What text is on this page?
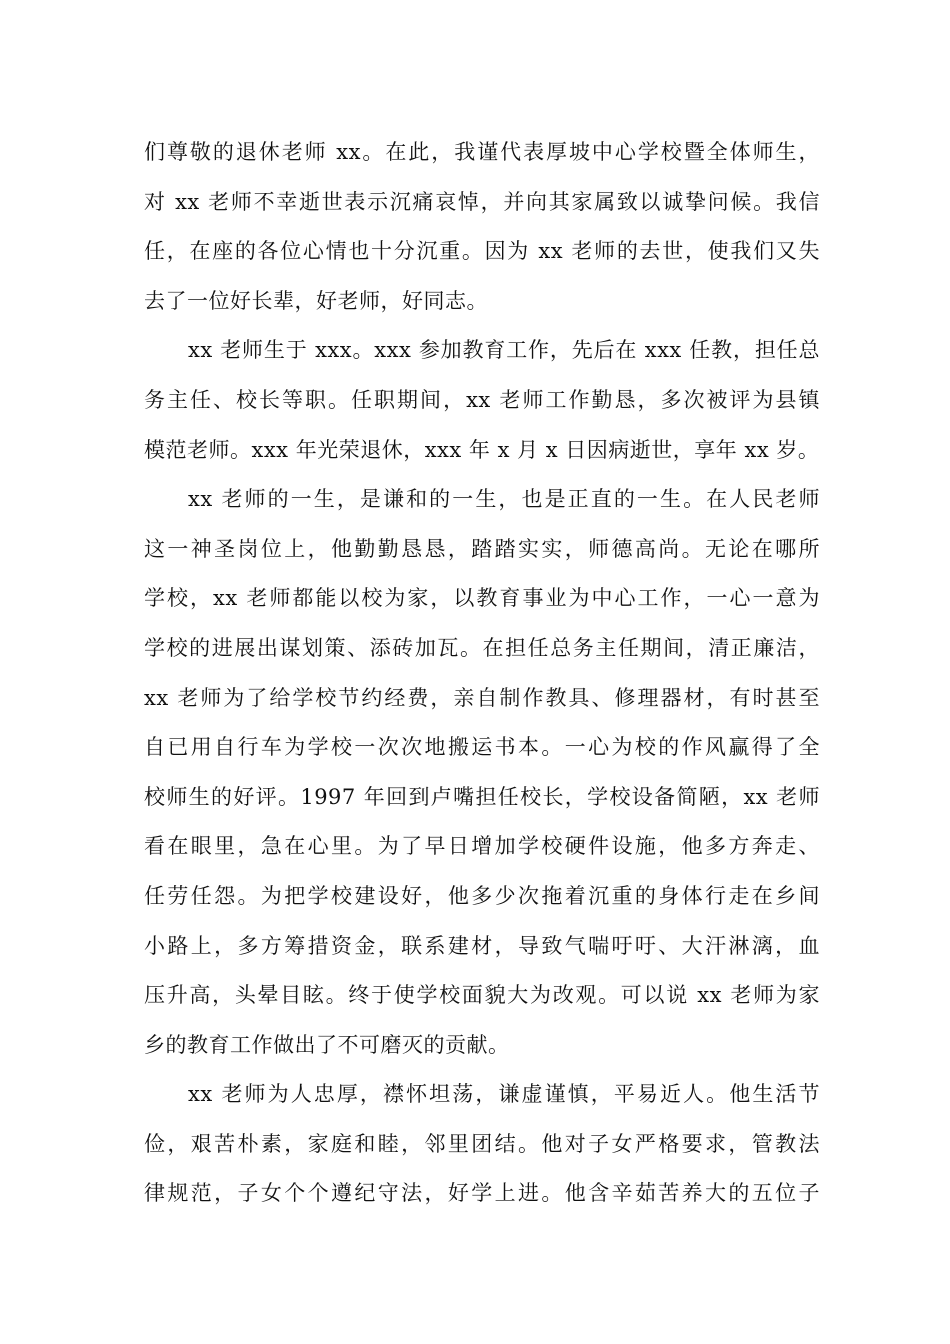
们尊敬的退休老师 xx。在此，我谨代表厚坡中心学校暨全体师生，
对 xx 老师不幸逝世表示沉痛哀悼，并向其家属致以诚挚问候。我信
任，在座的各位心情也十分沉重。因为 xx 老师的去世，使我们又失
去了一位好长辈，好老师，好同志。

xx 老师生于 xxx。xxx 参加教育工作，先后在 xxx 任教，担任总
务主任、校长等职。任职期间，xx 老师工作勤恳，多次被评为县镇
模范老师。xxx 年光荣退休，xxx 年 x 月 x 日因病逝世，享年 xx 岁。

xx 老师的一生，是谦和的一生，也是正直的一生。在人民老师
这一神圣岗位上，他勤勤恳恳，踏踏实实，师德高尚。无论在哪所
学校，xx 老师都能以校为家，以教育事业为中心工作，一心一意为
学校的进展出谋划策、添砖加瓦。在担任总务主任期间，清正廉洁，
xx 老师为了给学校节约经费，亲自制作教具、修理器材，有时甚至
自已用自行车为学校一次次地搬运书本。一心为校的作风赢得了全
校师生的好评。1997 年回到卢嘴担任校长，学校设备简陋，xx 老师
看在眼里，急在心里。为了早日增加学校硬件设施，他多方奔走、
任劳任怨。为把学校建设好，他多少次拖着沉重的身体行走在乡间
小路上，多方筹措资金，联系建材，导致气喘吁吁、大汗淋漓，血
压升高，头晕目眩。终于使学校面貌大为改观。可以说 xx 老师为家
乡的教育工作做出了不可磨灭的贡献。

xx 老师为人忠厚，襟怀坦荡，谦虚谨慎，平易近人。他生活节
俭，艰苦朴素，家庭和睦，邻里团结。他对子女严格要求，管教法
律规范，子女个个遵纪守法，好学上进。他含辛茹苦养大的五位子
